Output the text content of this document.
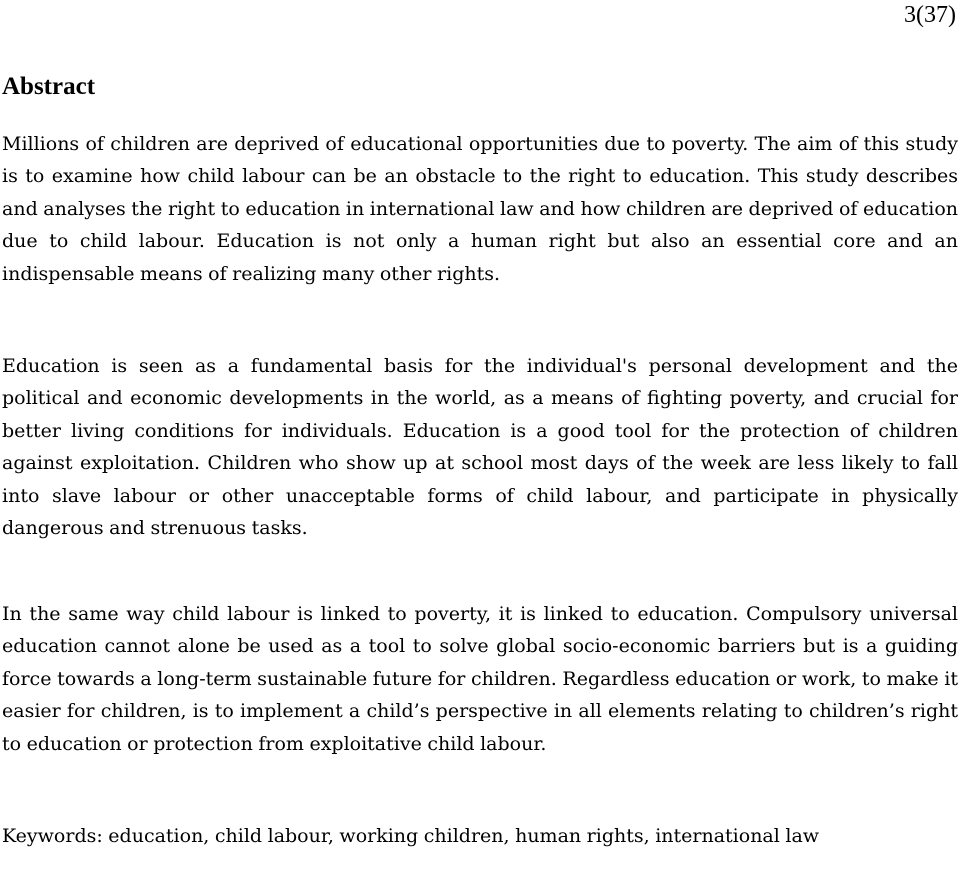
3(37)
Abstract

Millions of children are deprived of educational opportunities due to poverty. The aim of this study is to examine how child labour can be an obstacle to the right to education. This study describes and analyses the right to education in international law and how children are deprived of education due to child labour. Education is not only a human right but also an essential core and an indispensable means of realizing many other rights.

Education is seen as a fundamental basis for the individual's personal development and the political and economic developments in the world, as a means of fighting poverty, and crucial for better living conditions for individuals. Education is a good tool for the protection of children against exploitation. Children who show up at school most days of the week are less likely to fall into slave labour or other unacceptable forms of child labour, and participate in physically dangerous and strenuous tasks.

In the same way child labour is linked to poverty, it is linked to education. Compulsory universal education cannot alone be used as a tool to solve global socio-economic barriers but is a guiding force towards a long-term sustainable future for children. Regardless education or work, to make it easier for children, is to implement a child’s perspective in all elements relating to children’s right to education or protection from exploitative child labour.

Keywords: education, child labour, working children, human rights, international law
